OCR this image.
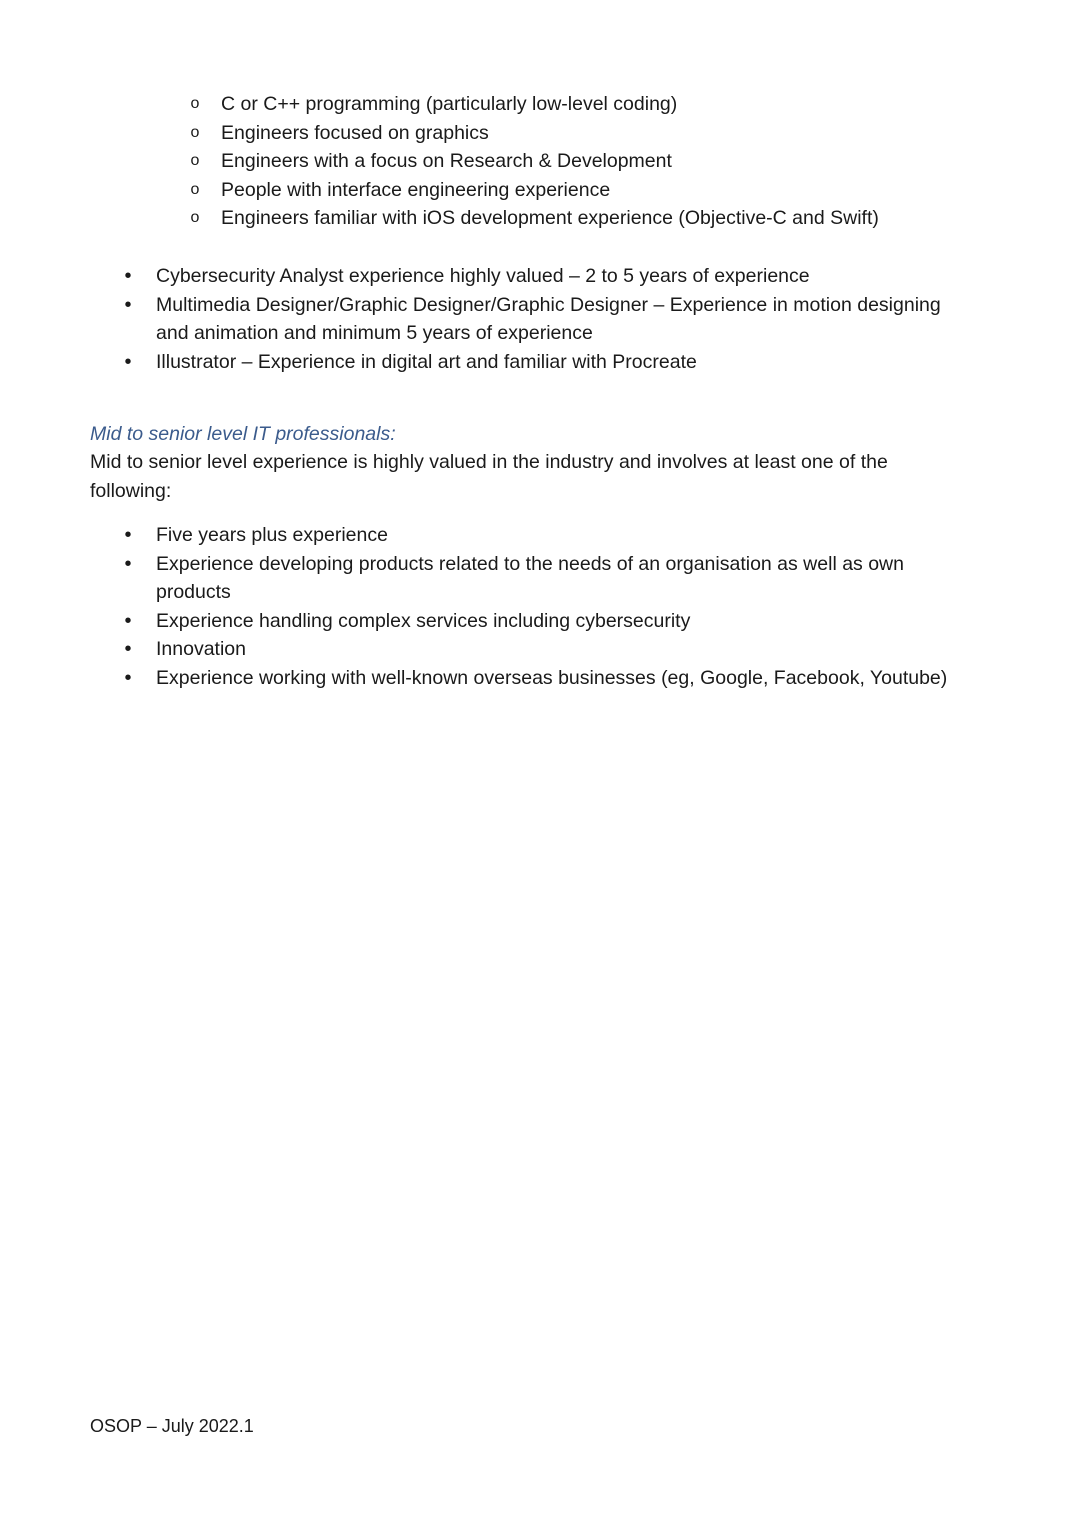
o C or C++ programming (particularly low-level coding)
o Engineers focused on graphics
o Engineers with a focus on Research & Development
o People with interface engineering experience
o Engineers familiar with iOS development experience (Objective-C and Swift)
• Cybersecurity Analyst experience highly valued – 2 to 5 years of experience
• Multimedia Designer/Graphic Designer/Graphic Designer – Experience in motion designing and animation and minimum 5 years of experience
• Illustrator – Experience in digital art and familiar with Procreate
Mid to senior level IT professionals:

Mid to senior level experience is highly valued in the industry and involves at least one of the following:

• Five years plus experience
• Experience developing products related to the needs of an organisation as well as own products
• Experience handling complex services including cybersecurity
• Innovation
• Experience working with well-known overseas businesses (eg, Google, Facebook, Youtube)

OSOP – July 2022.1
